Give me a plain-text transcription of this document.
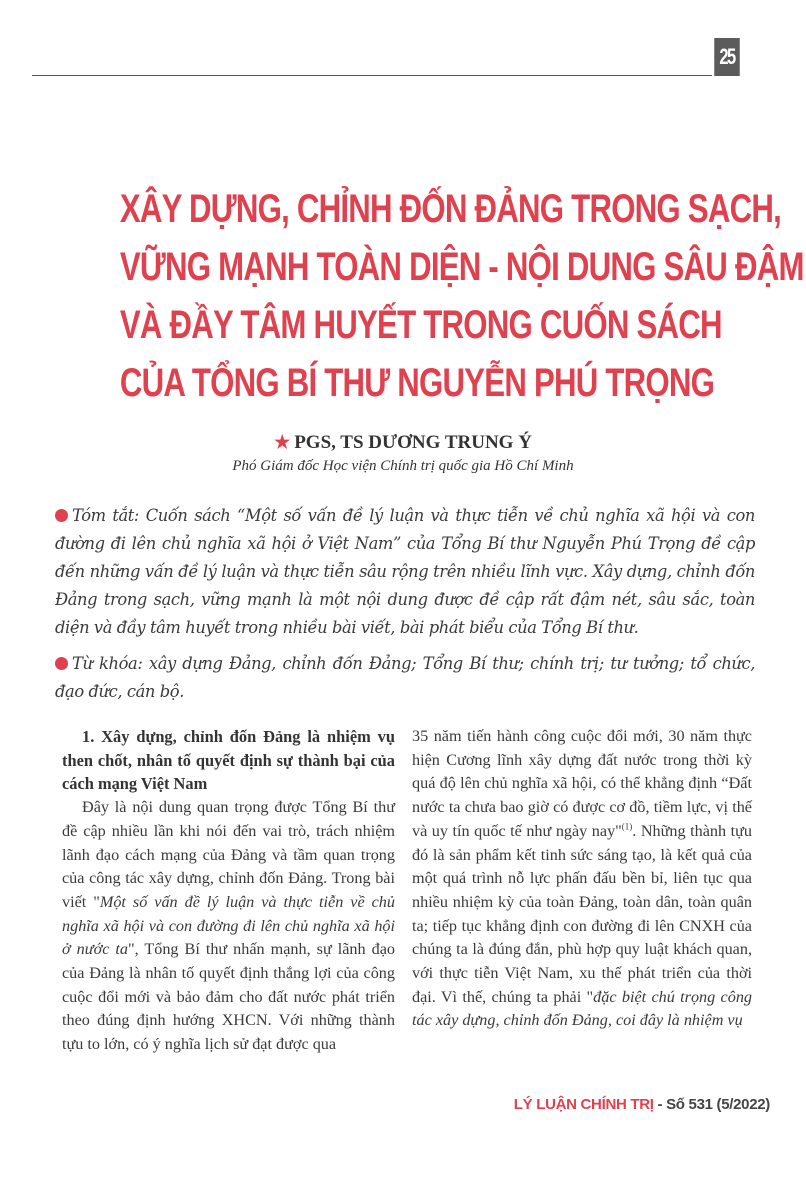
25
XÂY DỰNG, CHỈNH ĐỐN ĐẢNG TRONG SẠCH,
VỮNG MẠNH TOÀN DIỆN - NỘI DUNG SÂU ĐẬM
VÀ ĐẦY TÂM HUYẾT TRONG CUỐN SÁCH
CỦA TỔNG BÍ THƯ NGUYỄN PHÚ TRỌNG
★ PGS, TS DƯƠNG TRUNG Ý
Phó Giám đốc Học viện Chính trị quốc gia Hồ Chí Minh

Tóm tắt: Cuốn sách “Một số vấn đề lý luận và thực tiễn về chủ nghĩa xã hội và con đường đi lên chủ nghĩa xã hội ở Việt Nam” của Tổng Bí thư Nguyễn Phú Trọng đề cập đến những vấn đề lý luận và thực tiễn sâu rộng trên nhiều lĩnh vực. Xây dựng, chỉnh đốn Đảng trong sạch, vững mạnh là một nội dung được đề cập rất đậm nét, sâu sắc, toàn diện và đầy tâm huyết trong nhiều bài viết, bài phát biểu của Tổng Bí thư.

Từ khóa: xây dựng Đảng, chỉnh đốn Đảng; Tổng Bí thư; chính trị; tư tưởng; tổ chức, đạo đức, cán bộ.

1. Xây dựng, chỉnh đốn Đảng là nhiệm vụ then chốt, nhân tố quyết định sự thành bại của cách mạng Việt Nam

Đây là nội dung quan trọng được Tổng Bí thư đề cập nhiều lần khi nói đến vai trò, trách nhiệm lãnh đạo cách mạng của Đảng và tầm quan trọng của công tác xây dựng, chỉnh đốn Đảng. Trong bài viết "Một số vấn đề lý luận và thực tiễn về chủ nghĩa xã hội và con đường đi lên chủ nghĩa xã hội ở nước ta", Tổng Bí thư nhấn mạnh, sự lãnh đạo của Đảng là nhân tố quyết định thắng lợi của công cuộc đổi mới và bảo đảm cho đất nước phát triển theo đúng định hướng XHCN. Với những thành tựu to lớn, có ý nghĩa lịch sử đạt được qua

35 năm tiến hành công cuộc đổi mới, 30 năm thực hiện Cương lĩnh xây dựng đất nước trong thời kỳ quá độ lên chủ nghĩa xã hội, có thể khẳng định “Đất nước ta chưa bao giờ có được cơ đồ, tiềm lực, vị thế và uy tín quốc tế như ngày nay"$^{(1)}$. Những thành tựu đó là sản phẩm kết tinh sức sáng tạo, là kết quả của một quá trình nỗ lực phấn đấu bền bỉ, liên tục qua nhiều nhiệm kỳ của toàn Đảng, toàn dân, toàn quân ta; tiếp tục khẳng định con đường đi lên CNXH của chúng ta là đúng đắn, phù hợp quy luật khách quan, với thực tiễn Việt Nam, xu thế phát triển của thời đại. Vì thế, chúng ta phải "đặc biệt chú trọng công tác xây dựng, chỉnh đốn Đảng, coi đây là nhiệm vụ

LÝ LUẬN CHÍNH TRỊ - Số 531 (5/2022)
